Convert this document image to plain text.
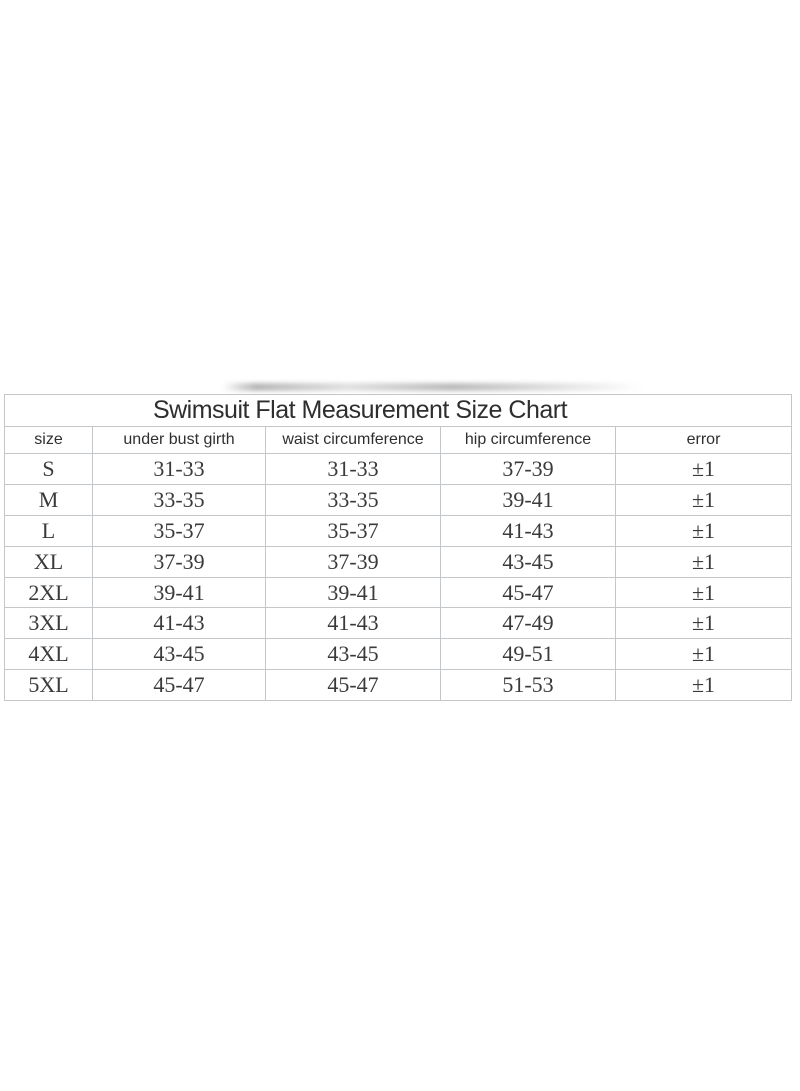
Swimsuit Flat Measurement Size Chart				
size	under bust girth	waist circumference	hip circumference	error
S	31-33	31-33	37-39	±1
M	33-35	33-35	39-41	±1
L	35-37	35-37	41-43	±1
XL	37-39	37-39	43-45	±1
2XL	39-41	39-41	45-47	±1
3XL	41-43	41-43	47-49	±1
4XL	43-45	43-45	49-51	±1
5XL	45-47	45-47	51-53	±1
